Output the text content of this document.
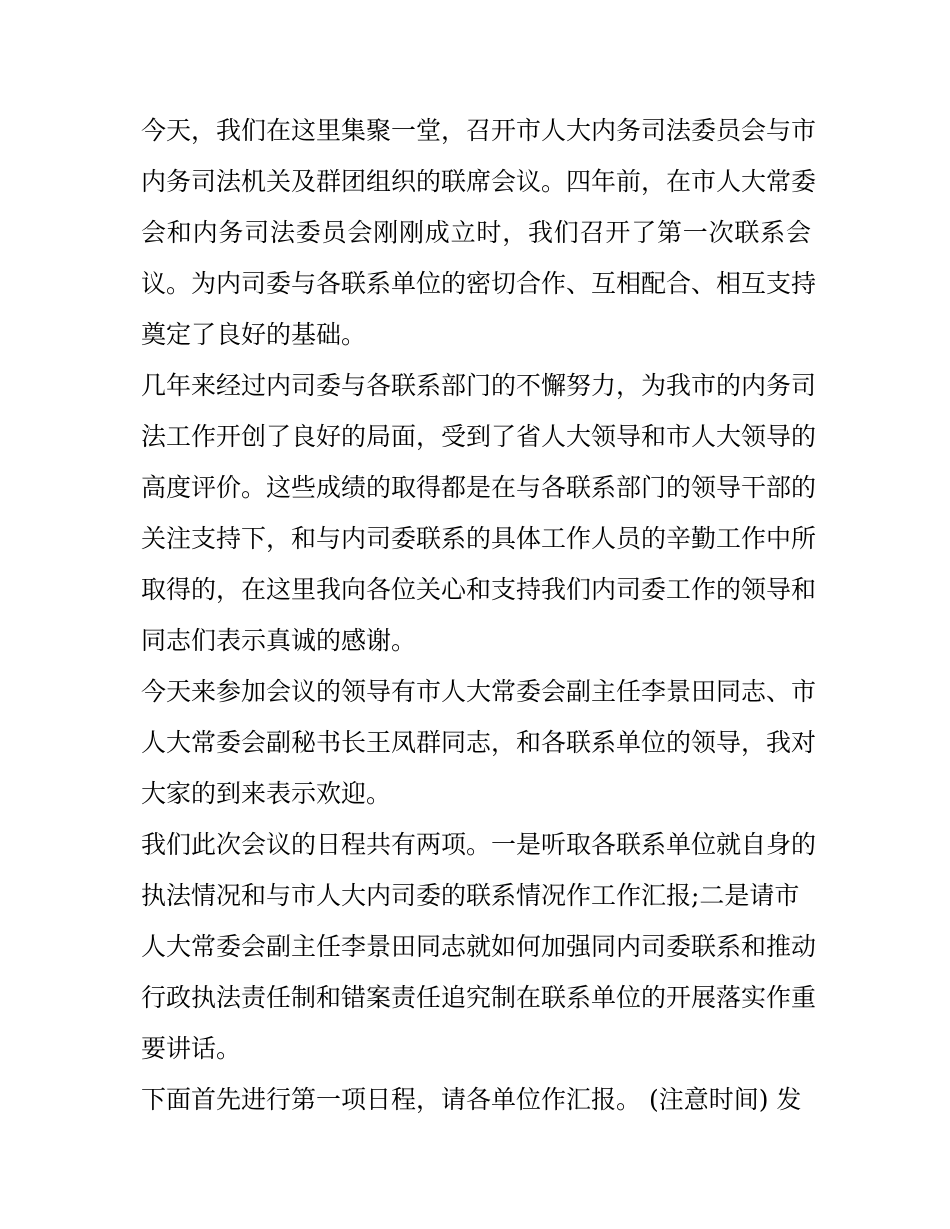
今天，我们在这里集聚一堂，召开市人大内务司法委员会与市
内务司法机关及群团组织的联席会议。四年前，在市人大常委
会和内务司法委员会刚刚成立时，我们召开了第一次联系会
议。为内司委与各联系单位的密切合作、互相配合、相互支持
奠定了良好的基础。
几年来经过内司委与各联系部门的不懈努力，为我市的内务司
法工作开创了良好的局面，受到了省人大领导和市人大领导的
高度评价。这些成绩的取得都是在与各联系部门的领导干部的
关注支持下，和与内司委联系的具体工作人员的辛勤工作中所
取得的，在这里我向各位关心和支持我们内司委工作的领导和
同志们表示真诚的感谢。
今天来参加会议的领导有市人大常委会副主任李景田同志、市
人大常委会副秘书长王凤群同志，和各联系单位的领导，我对
大家的到来表示欢迎。
我们此次会议的日程共有两项。一是听取各联系单位就自身的
执法情况和与市人大内司委的联系情况作工作汇报;二是请市
人大常委会副主任李景田同志就如何加强同内司委联系和推动
行政执法责任制和错案责任追究制在联系单位的开展落实作重
要讲话。
下面首先进行第一项日程，请各单位作汇报。 (注意时间) 发
